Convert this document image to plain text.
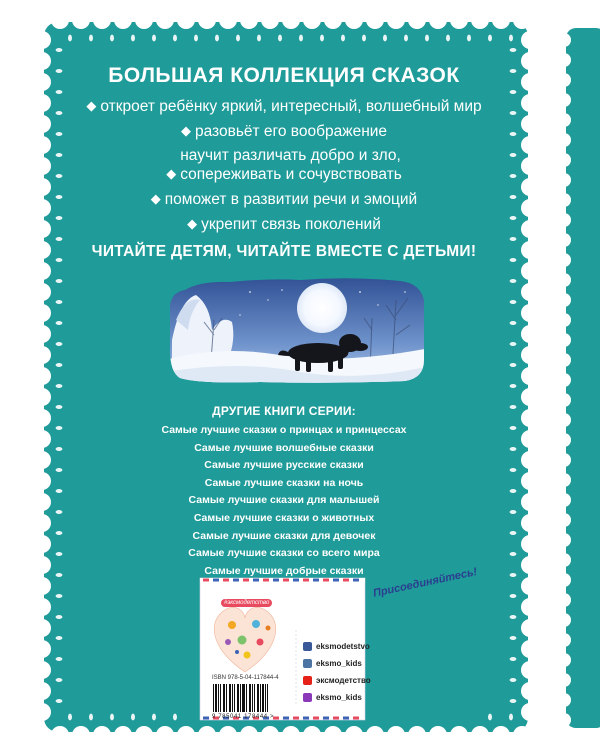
БОЛЬШАЯ КОЛЛЕКЦИЯ СКАЗОК
◆ откроет ребёнку яркий, интересный, волшебный мир
◆ разовьёт его воображение
◆научит различать добро и зло,
сопереживать и сочувствовать
◆ поможет в развитии речи и эмоций
◆ укрепит связь поколений
ЧИТАЙТЕ ДЕТЯМ, ЧИТАЙТЕ ВМЕСТЕ С ДЕТЬМИ!
ДРУГИЕ КНИГИ СЕРИИ:
Самые лучшие сказки о принцах и принцессах
Самые лучшие волшебные сказки
Самые лучшие русские сказки
Самые лучшие сказки на ночь
Самые лучшие сказки для малышей
Самые лучшие сказки о животных
Самые лучшие сказки для девочек
Самые лучшие сказки со всего мира
Самые лучшие добрые сказки
#эксмодетство
Присоединяйтесь!
ISBN 978-5-04-117844-4
9 785041 178444 >
eksmodetstvo
eksmo_kids
эксмодетство
eksmo_kids
